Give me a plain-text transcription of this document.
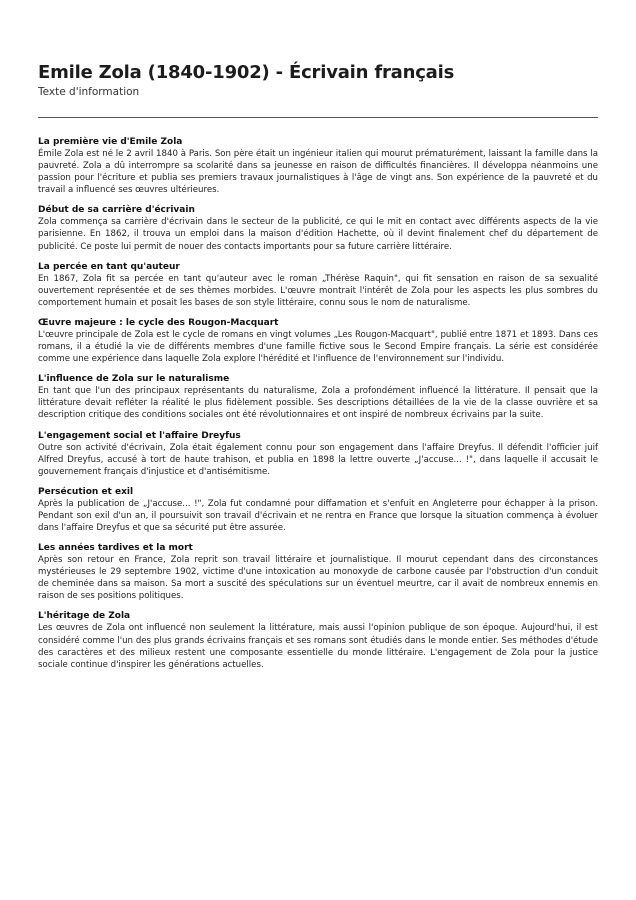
Emile Zola (1840-1902) - Écrivain français
Texte d'information
La première vie d'Emile Zola

Émile Zola est né le 2 avril 1840 à Paris. Son père était un ingénieur italien qui mourut prématurément, laissant la famille dans la pauvreté. Zola a dû interrompre sa scolarité dans sa jeunesse en raison de difficultés financières. Il développa néanmoins une passion pour l'écriture et publia ses premiers travaux journalistiques à l'âge de vingt ans. Son expérience de la pauvreté et du travail a influencé ses œuvres ultérieures.

Début de sa carrière d'écrivain

Zola commença sa carrière d'écrivain dans le secteur de la publicité, ce qui le mit en contact avec différents aspects de la vie parisienne. En 1862, il trouva un emploi dans la maison d'édition Hachette, où il devint finalement chef du département de publicité. Ce poste lui permit de nouer des contacts importants pour sa future carrière littéraire.

La percée en tant qu'auteur

En 1867, Zola fit sa percée en tant qu'auteur avec le roman „Thérèse Raquin", qui fit sensation en raison de sa sexualité ouvertement représentée et de ses thèmes morbides. L'œuvre montrait l'intérêt de Zola pour les aspects les plus sombres du comportement humain et posait les bases de son style littéraire, connu sous le nom de naturalisme.

Œuvre majeure : le cycle des Rougon-Macquart

L'œuvre principale de Zola est le cycle de romans en vingt volumes „Les Rougon-Macquart", publié entre 1871 et 1893. Dans ces romans, il a étudié la vie de différents membres d'une famille fictive sous le Second Empire français. La série est considérée comme une expérience dans laquelle Zola explore l'hérédité et l'influence de l'environnement sur l'individu.

L'influence de Zola sur le naturalisme

En tant que l'un des principaux représentants du naturalisme, Zola a profondément influencé la littérature. Il pensait que la littérature devait refléter la réalité le plus fidèlement possible. Ses descriptions détaillées de la vie de la classe ouvrière et sa description critique des conditions sociales ont été révolutionnaires et ont inspiré de nombreux écrivains par la suite.

L'engagement social et l'affaire Dreyfus

Outre son activité d'écrivain, Zola était également connu pour son engagement dans l'affaire Dreyfus. Il défendit l'officier juif Alfred Dreyfus, accusé à tort de haute trahison, et publia en 1898 la lettre ouverte „J'accuse... !", dans laquelle il accusait le gouvernement français d'injustice et d'antisémitisme.

Persécution et exil

Après la publication de „J'accuse... !", Zola fut condamné pour diffamation et s'enfuit en Angleterre pour échapper à la prison. Pendant son exil d'un an, il poursuivit son travail d'écrivain et ne rentra en France que lorsque la situation commença à évoluer dans l'affaire Dreyfus et que sa sécurité put être assurée.

Les années tardives et la mort

Après son retour en France, Zola reprit son travail littéraire et journalistique. Il mourut cependant dans des circonstances mystérieuses le 29 septembre 1902, victime d'une intoxication au monoxyde de carbone causée par l'obstruction d'un conduit de cheminée dans sa maison. Sa mort a suscité des spéculations sur un éventuel meurtre, car il avait de nombreux ennemis en raison de ses positions politiques.

L'héritage de Zola

Les œuvres de Zola ont influencé non seulement la littérature, mais aussi l'opinion publique de son époque. Aujourd'hui, il est considéré comme l'un des plus grands écrivains français et ses romans sont étudiés dans le monde entier. Ses méthodes d'étude des caractères et des milieux restent une composante essentielle du monde littéraire. L'engagement de Zola pour la justice sociale continue d'inspirer les générations actuelles.
